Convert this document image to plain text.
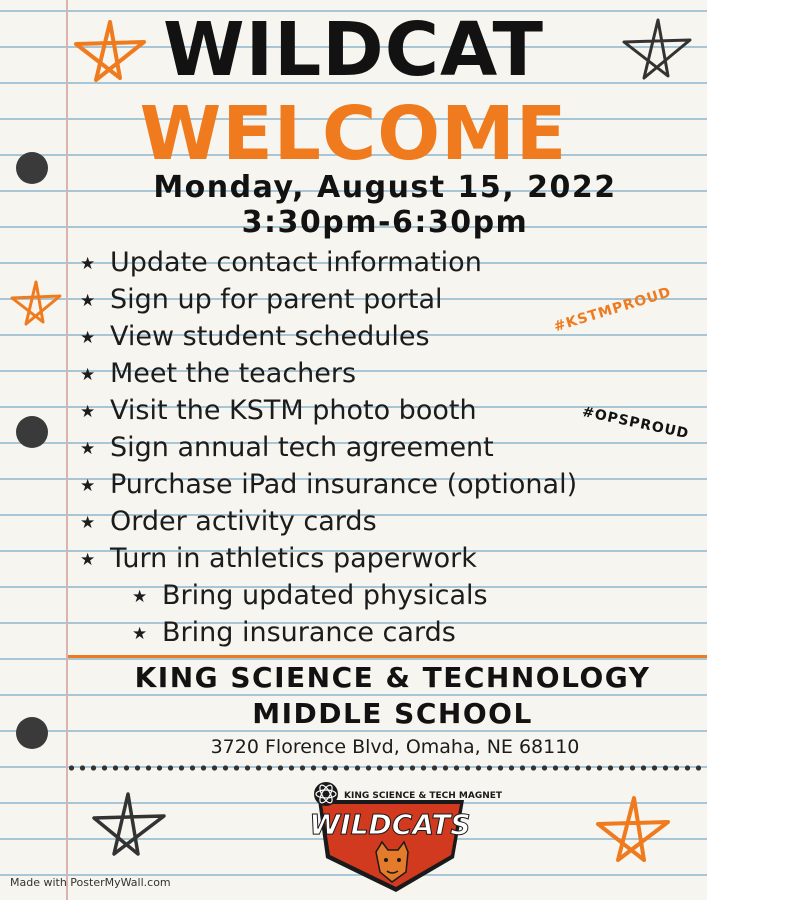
WILDCAT
WELCOME
Monday, August 15, 2022
3:30pm-6:30pm
★ Update contact information
★ Sign up for parent portal
★ View student schedules
★ Meet the teachers
★ Visit the KSTM photo booth
★ Sign annual tech agreement
★ Purchase iPad insurance (optional)
★ Order activity cards
★ Turn in athletics paperwork
★ Bring updated physicals
★ Bring insurance cards
#KSTMPROUD
#OPSPROUD
KING SCIENCE & TECHNOLOGY
MIDDLE SCHOOL
3720 Florence Blvd, Omaha, NE 68110
KING SCIENCE & TECH MAGNET
WILDCATS
Made with PosterMyWall.com
